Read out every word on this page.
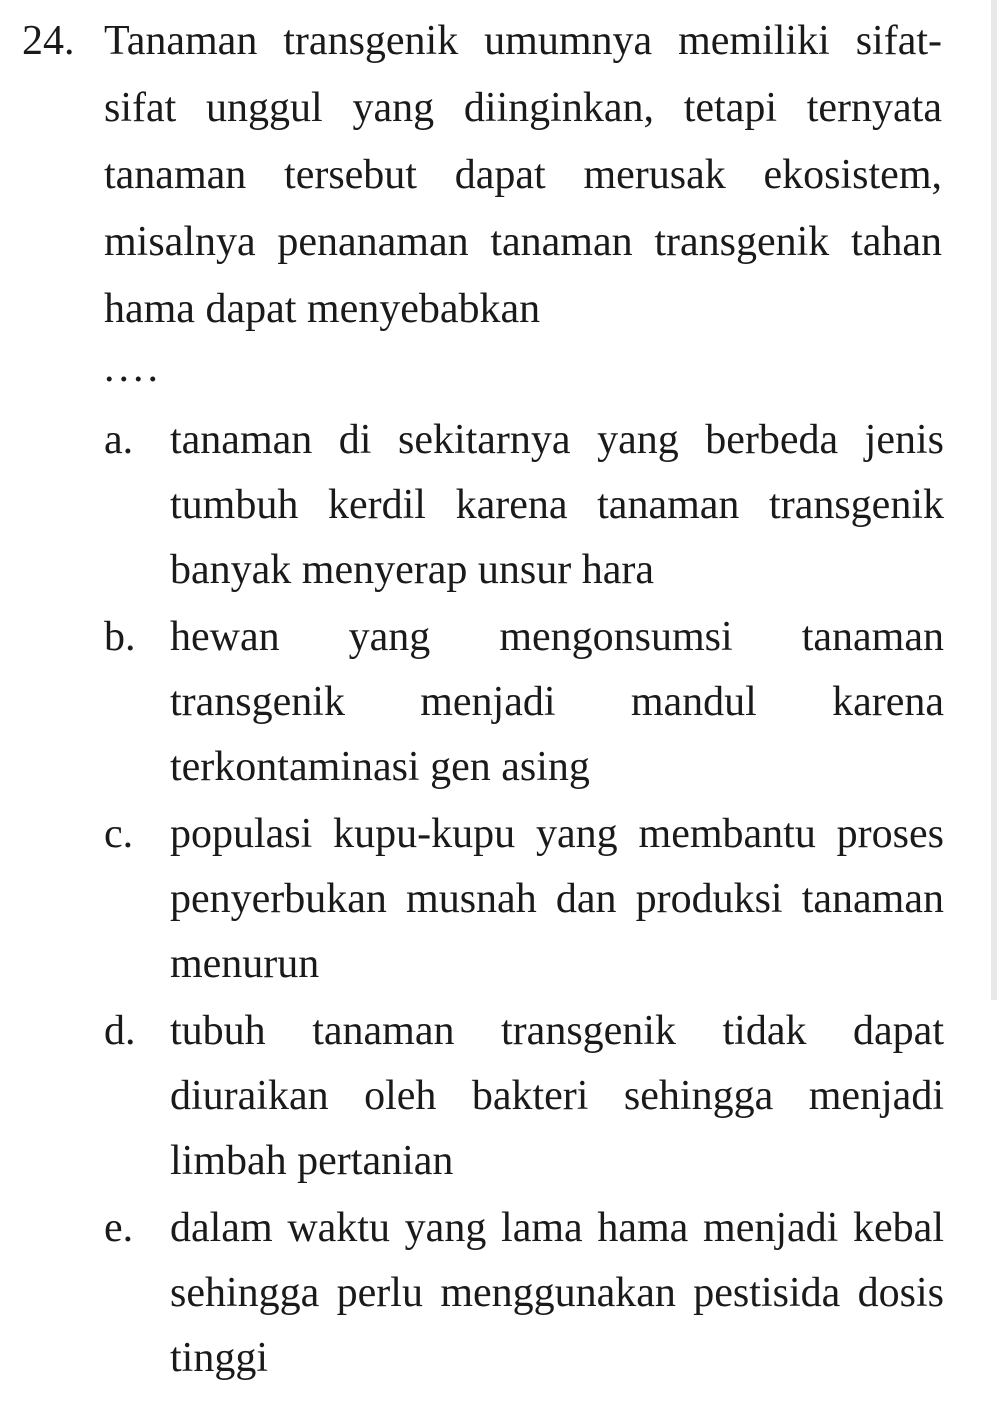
24. Tanaman transgenik umumnya memiliki sifat-sifat unggul yang diinginkan, tetapi ternyata tanaman tersebut dapat merusak ekosistem, misalnya penanaman tanaman transgenik tahan hama dapat menyebabkan
....
a. tanaman di sekitarnya yang berbeda jenis tumbuh kerdil karena tanaman transgenik banyak menyerap unsur hara
b. hewan yang mengonsumsi tanaman transgenik menjadi mandul karena terkontaminasi gen asing
c. populasi kupu-kupu yang membantu proses penyerbukan musnah dan produksi tanaman menurun
d. tubuh tanaman transgenik tidak dapat diuraikan oleh bakteri sehingga menjadi limbah pertanian
e. dalam waktu yang lama hama menjadi kebal sehingga perlu menggunakan pestisida dosis tinggi
